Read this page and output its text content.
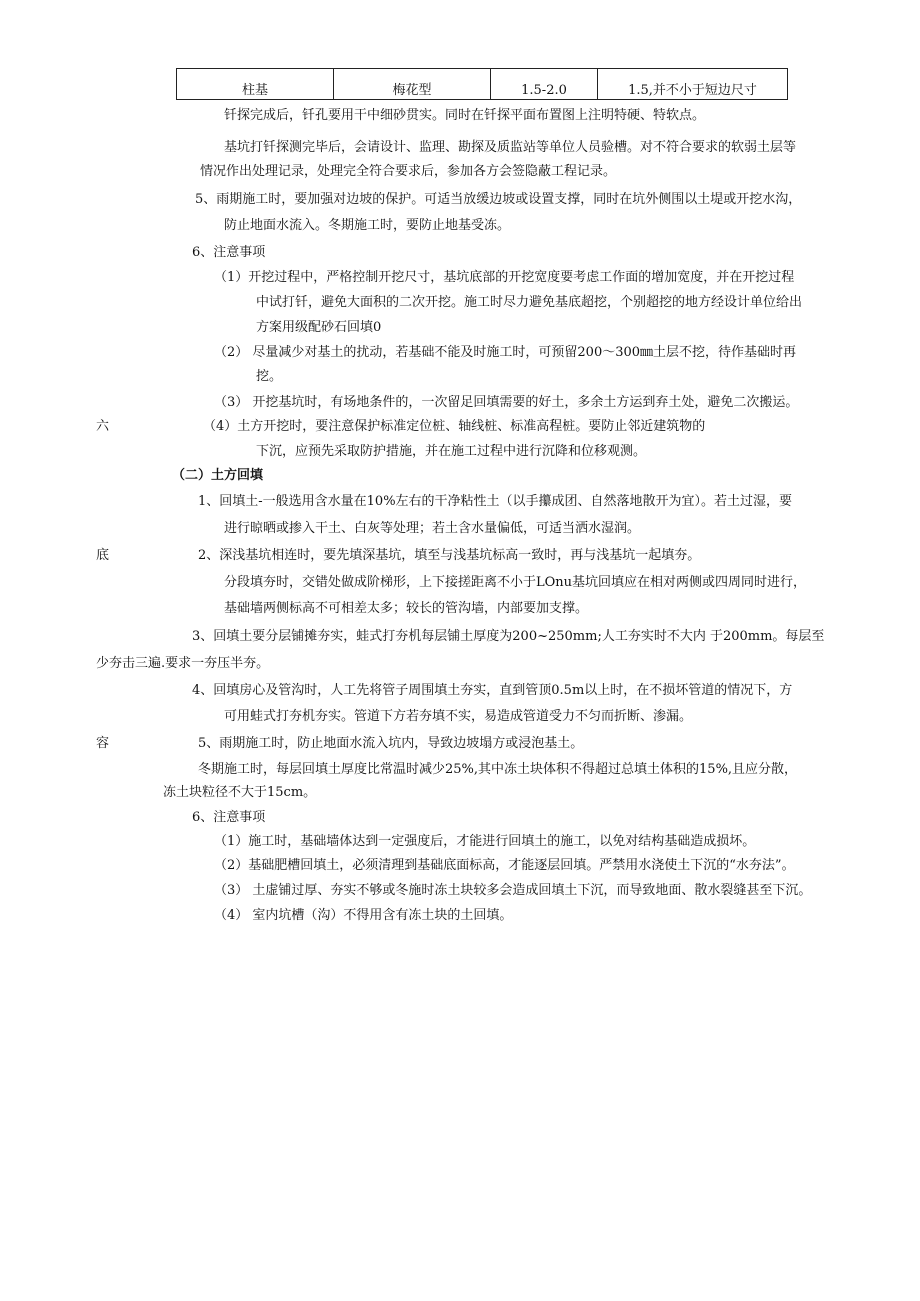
柱基	梅花型	1.5-2.0	1.5,并不小于短边尺寸
钎探完成后，钎孔要用干中细砂贯实。同时在钎探平面布置图上注明特硬、特软点。
基坑打钎探测完毕后，会请设计、监理、勘探及质监站等单位人员验槽。对不符合要求的软弱土层等
情况作出处理记录，处理完全符合要求后，参加各方会签隐蔽工程记录。
5、雨期施工时，要加强对边坡的保护。可适当放缓边坡或设置支撑，同时在坑外侧围以土堤或开挖水沟，
防止地面水流入。冬期施工时，要防止地基受冻。
6、注意事项
（1）开挖过程中，严格控制开挖尺寸，基坑底部的开挖宽度要考虑工作面的增加宽度，并在开挖过程
中试打钎，避免大面积的二次开挖。施工时尽力避免基底超挖，个别超挖的地方经设计单位给出
方案用级配砂石回填0
（2） 尽量减少对基土的扰动，若基础不能及时施工时，可预留200～300㎜土层不挖，待作基础时再
挖。
（3） 开挖基坑时，有场地条件的，一次留足回填需要的好土，多余土方运到弃土处，避免二次搬运。
六	（4）土方开挖时，要注意保护标准定位桩、轴线桩、标准高程桩。要防止邻近建筑物的
下沉，应预先采取防护措施，并在施工过程中进行沉降和位移观测。
（二）土方回填
1、回填土-一般选用含水量在10%左右的干净粘性土（以手攥成团、自然落地散开为宜）。若土过湿，要
进行晾晒或掺入干土、白灰等处理；若土含水量偏低，可适当洒水湿润。
底	2、深浅基坑相连时，要先填深基坑，填至与浅基坑标高一致时，再与浅基坑一起填夯。
分段填夯时，交错处做成阶梯形，上下接搓距离不小于LOnu基坑回填应在相对两侧或四周同时进行，
基础墙两侧标高不可相差太多；较长的管沟墙，内部要加支撑。
3、回填土要分层铺摊夯实，蛙式打夯机每层铺土厚度为200~250mm;人工夯实时不大内 于200mm。每层至
少夯击三遍.要求一夯压半夯。
4、回填房心及管沟时，人工先将管子周围填土夯实，直到管顶0.5m以上时，在不损坏管道的情况下，方
可用蛙式打夯机夯实。管道下方若夯填不实，易造成管道受力不匀而折断、渗漏。
容	5、雨期施工时，防止地面水流入坑内，导致边坡塌方或浸泡基土。
冬期施工时，每层回填土厚度比常温时减少25%,其中冻土块体积不得超过总填土体积的15%,且应分散，
冻土块粒径不大于15cm。
6、注意事项
（1）施工时，基础墙体达到一定强度后，才能进行回填土的施工，以免对结构基础造成损坏。
（2）基础肥槽回填土，必须清理到基础底面标高，才能逐层回填。严禁用水浇使土下沉的“水夯法”。
（3） 土虚铺过厚、夯实不够或冬施时冻土块较多会造成回填土下沉，而导致地面、散水裂缝甚至下沉。
（4） 室内坑槽（沟）不得用含有冻土块的土回填。
